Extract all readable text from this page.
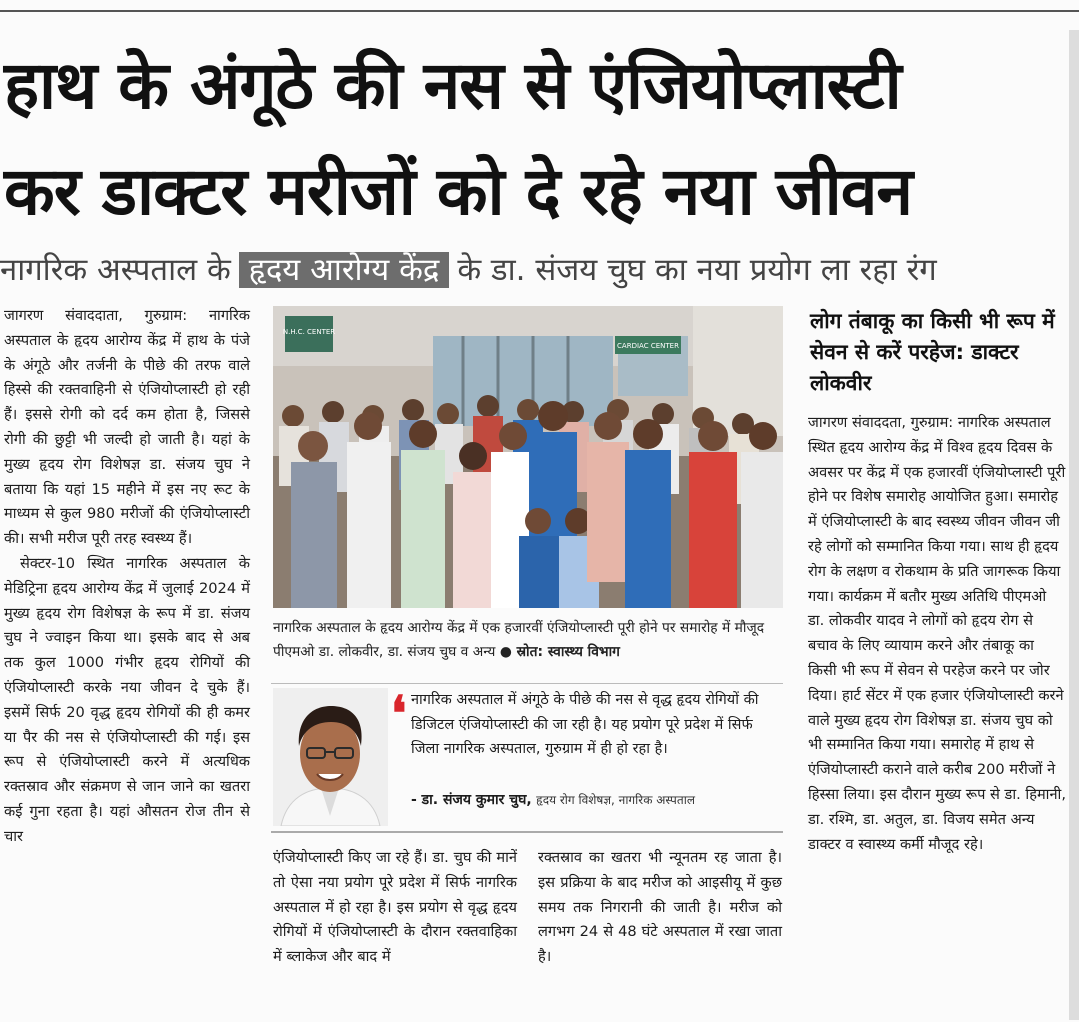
हाथ के अंगूठे की नस से एंजियोप्लास्टी
कर डाक्टर मरीजों को दे रहे नया जीवन
नागरिक अस्पताल के हृदय आरोग्य केंद्र के डा. संजय चुघ का नया प्रयोग ला रहा रंग
जागरण संवाददाता, गुरुग्राम: नागरिक अस्पताल के हृदय आरोग्य केंद्र में हाथ के पंजे के अंगूठे और तर्जनी के पीछे की तरफ वाले हिस्से की रक्तवाहिनी से एंजियोप्लास्टी हो रही हैं। इससे रोगी को दर्द कम होता है, जिससे रोगी की छुट्टी भी जल्दी हो जाती है। यहां के मुख्य हृदय रोग विशेषज्ञ डा. संजय चुघ ने बताया कि यहां 15 महीने में इस नए रूट के माध्यम से कुल 980 मरीजों की एंजियोप्लास्टी की। सभी मरीज पूरी तरह स्वस्थ्य हैं।
सेक्टर-10 स्थित नागरिक अस्पताल के मेडिट्रिना हृदय आरोग्य केंद्र में जुलाई 2024 में मुख्य हृदय रोग विशेषज्ञ के रूप में डा. संजय चुघ ने ज्वाइन किया था। इसके बाद से अब तक कुल 1000 गंभीर हृदय रोगियों की एंजियोप्लास्टी करके नया जीवन दे चुके हैं। इसमें सिर्फ 20 वृद्ध हृदय रोगियों की ही कमर या पैर की नस से एंजियोप्लास्टी की गई। इस रूप से एंजियोप्लास्टी करने में अत्यधिक रक्तस्राव और संक्रमण से जान जाने का खतरा कई गुना रहता है। यहां औसतन रोज तीन से चार
N.H.C. CENTER
CARDIAC CENTER
नागरिक अस्पताल के हृदय आरोग्य केंद्र में एक हजारवीं एंजियोप्लास्टी पूरी होने पर समारोह में मौजूद पीएमओ डा. लोकवीर, डा. संजय चुघ व अन्य ● स्रोत: स्वास्थ्य विभाग
❛ नागरिक अस्पताल में अंगूठे के पीछे की नस से वृद्ध हृदय रोगियों की डिजिटल एंजियोप्लास्टी की जा रही है। यह प्रयोग पूरे प्रदेश में सिर्फ जिला नागरिक अस्पताल, गुरुग्राम में ही हो रहा है।
- डा. संजय कुमार चुघ, हृदय रोग विशेषज्ञ, नागरिक अस्पताल
एंजियोप्लास्टी किए जा रहे हैं। डा. चुघ की मानें तो ऐसा नया प्रयोग पूरे प्रदेश में सिर्फ नागरिक अस्पताल में हो रहा है। इस प्रयोग से वृद्ध हृदय रोगियों में एंजियोप्लास्टी के दौरान रक्तवाहिका में ब्लाकेज और बाद में
रक्तस्राव का खतरा भी न्यूनतम रह जाता है। इस प्रक्रिया के बाद मरीज को आइसीयू में कुछ समय तक निगरानी की जाती है। मरीज को लगभग 24 से 48 घंटे अस्पताल में रखा जाता है।
लोग तंबाकू का किसी भी रूप में सेवन से करें परहेज: डाक्टर लोकवीर
जागरण संवाददता, गुरुग्राम: नागरिक अस्पताल स्थित हृदय आरोग्य केंद्र में विश्व हृदय दिवस के अवसर पर केंद्र में एक हजारवीं एंजियोप्लास्टी पूरी होने पर विशेष समारोह आयोजित हुआ। समारोह में एंजियोप्लास्टी के बाद स्वस्थ्य जीवन जीवन जी रहे लोगों को सम्मानित किया गया। साथ ही हृदय रोग के लक्षण व रोकथाम के प्रति जागरूक किया गया। कार्यक्रम में बतौर मुख्य अतिथि पीएमओ डा. लोकवीर यादव ने लोगों को हृदय रोग से बचाव के लिए व्यायाम करने और तंबाकू का किसी भी रूप में सेवन से परहेज करने पर जोर दिया। हार्ट सेंटर में एक हजार एंजियोप्लास्टी करने वाले मुख्य हृदय रोग विशेषज्ञ डा. संजय चुघ को भी सम्मानित किया गया। समारोह में हाथ से एंजियोप्लास्टी कराने वाले करीब 200 मरीजों ने हिस्सा लिया। इस दौरान मुख्य रूप से डा. हिमानी, डा. रश्मि, डा. अतुल, डा. विजय समेत अन्य डाक्टर व स्वास्थ्य कर्मी मौजूद रहे।
